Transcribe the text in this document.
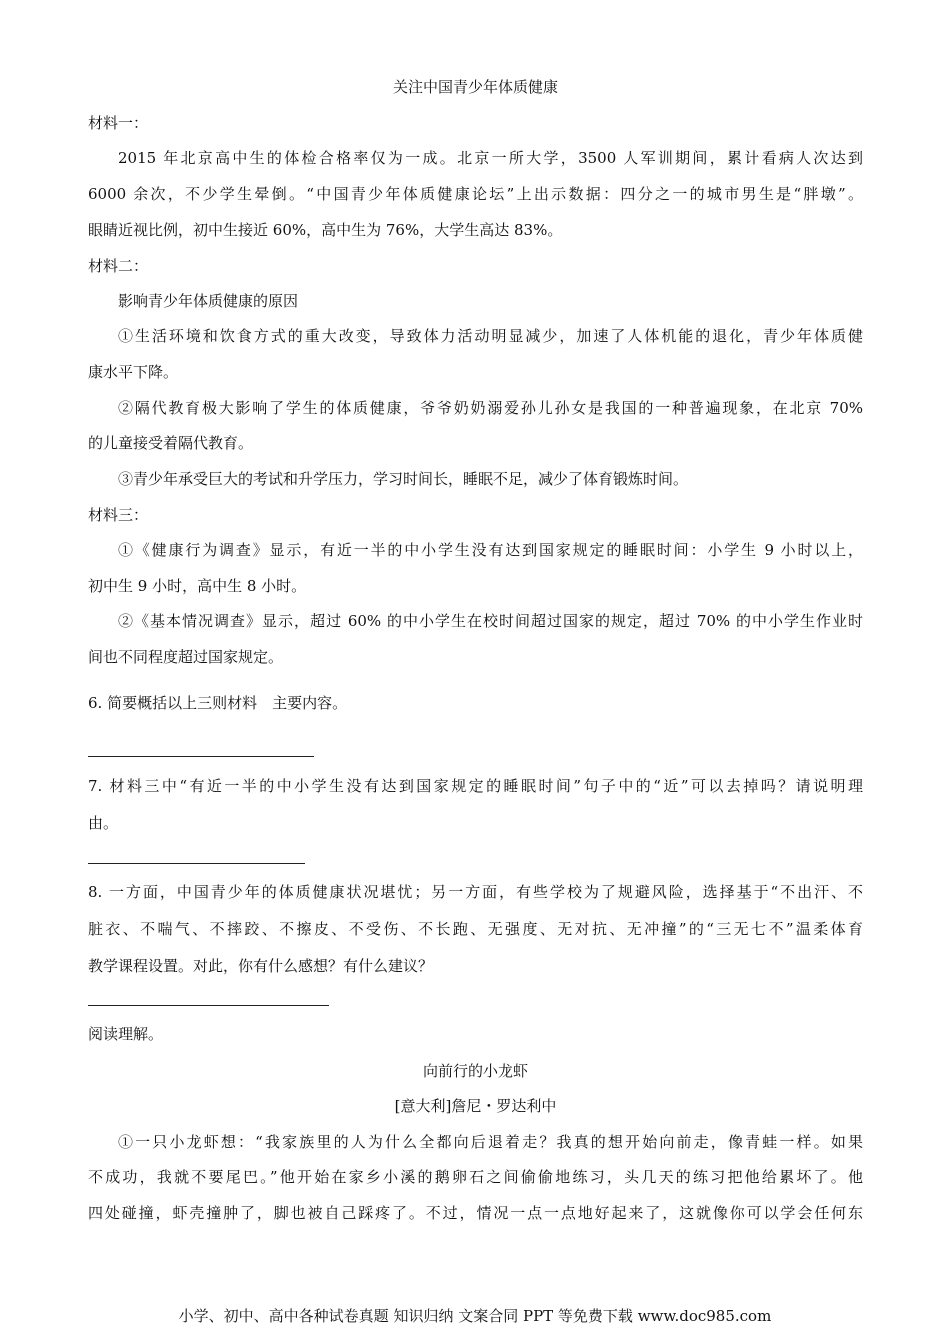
关注中国青少年体质健康
材料一：
2015 年北京高中生的体检合格率仅为一成。北京一所大学，3500 人军训期间，累计看病人次达到
6000 余次，不少学生晕倒。“中国青少年体质健康论坛”上出示数据：四分之一的城市男生是“胖墩”。
眼睛近视比例，初中生接近 60%，高中生为 76%，大学生高达 83%。
材料二：
影响青少年体质健康的原因
①生活环境和饮食方式的重大改变，导致体力活动明显减少，加速了人体机能的退化，青少年体质健
康水平下降。
②隔代教育极大影响了学生的体质健康，爷爷奶奶溺爱孙儿孙女是我国的一种普遍现象，在北京 70%
的儿童接受着隔代教育。
③青少年承受巨大的考试和升学压力，学习时间长，睡眠不足，减少了体育锻炼时间。
材料三：
①《健康行为调查》显示，有近一半的中小学生没有达到国家规定的睡眠时间：小学生 9 小时以上，
初中生 9 小时，高中生 8 小时。
②《基本情况调查》显示，超过 60% 的中小学生在校时间超过国家的规定，超过 70% 的中小学生作业时
间也不同程度超过国家规定。
6. 简要概括以上三则材料　主要内容。
7. 材料三中“有近一半的中小学生没有达到国家规定的睡眠时间”句子中的“近”可以去掉吗？请说明理
由。
8. 一方面，中国青少年的体质健康状况堪忧；另一方面，有些学校为了规避风险，选择基于“不出汗、不
脏衣、不喘气、不摔跤、不擦皮、不受伤、不长跑、无强度、无对抗、无冲撞”的“三无七不”温柔体育
教学课程设置。对此，你有什么感想？有什么建议？
阅读理解。
向前行的小龙虾
[意大利]詹尼・罗达利中
①一只小龙虾想：“我家族里的人为什么全都向后退着走？我真的想开始向前走，像青蛙一样。如果
不成功，我就不要尾巴。”他开始在家乡小溪的鹅卵石之间偷偷地练习，头几天的练习把他给累坏了。他
四处碰撞，虾壳撞肿了，脚也被自己踩疼了。不过，情况一点一点地好起来了，这就像你可以学会任何东
小学、初中、高中各种试卷真题 知识归纳 文案合同 PPT 等免费下载 www.doc985.com
